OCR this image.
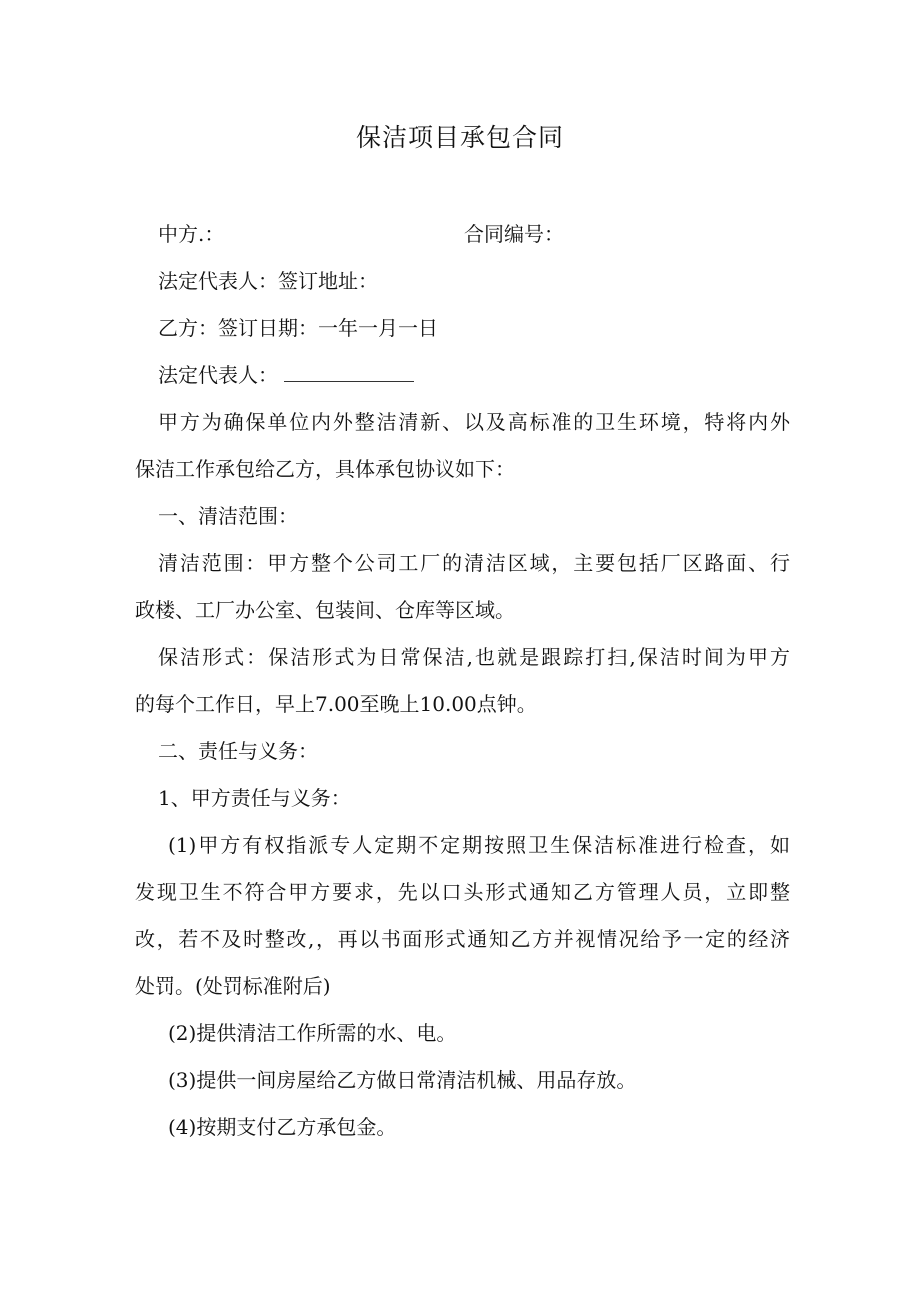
保洁项目承包合同
中方.：	合同编号：
法定代表人：签订地址：
乙方：签订日期：一年一月一日
法定代表人：
甲方为确保单位内外整洁清新、以及高标准的卫生环境，特将内外
保洁工作承包给乙方，具体承包协议如下：
一、清洁范围：
清洁范围：甲方整个公司工厂的清洁区域，主要包括厂区路面、行
政楼、工厂办公室、包装间、仓库等区域。
保洁形式：保洁形式为日常保洁,也就是跟踪打扫,保洁时间为甲方
的每个工作日，早上7.00至晚上10.00点钟。
二、责任与义务：
1、甲方责任与义务：
(1)甲方有权指派专人定期不定期按照卫生保洁标准进行检查，如
发现卫生不符合甲方要求，先以口头形式通知乙方管理人员，立即整
改，若不及时整改,，再以书面形式通知乙方并视情况给予一定的经济
处罚。(处罚标准附后)
(2)提供清洁工作所需的水、电。
(3)提供一间房屋给乙方做日常清洁机械、用品存放。
(4)按期支付乙方承包金。
